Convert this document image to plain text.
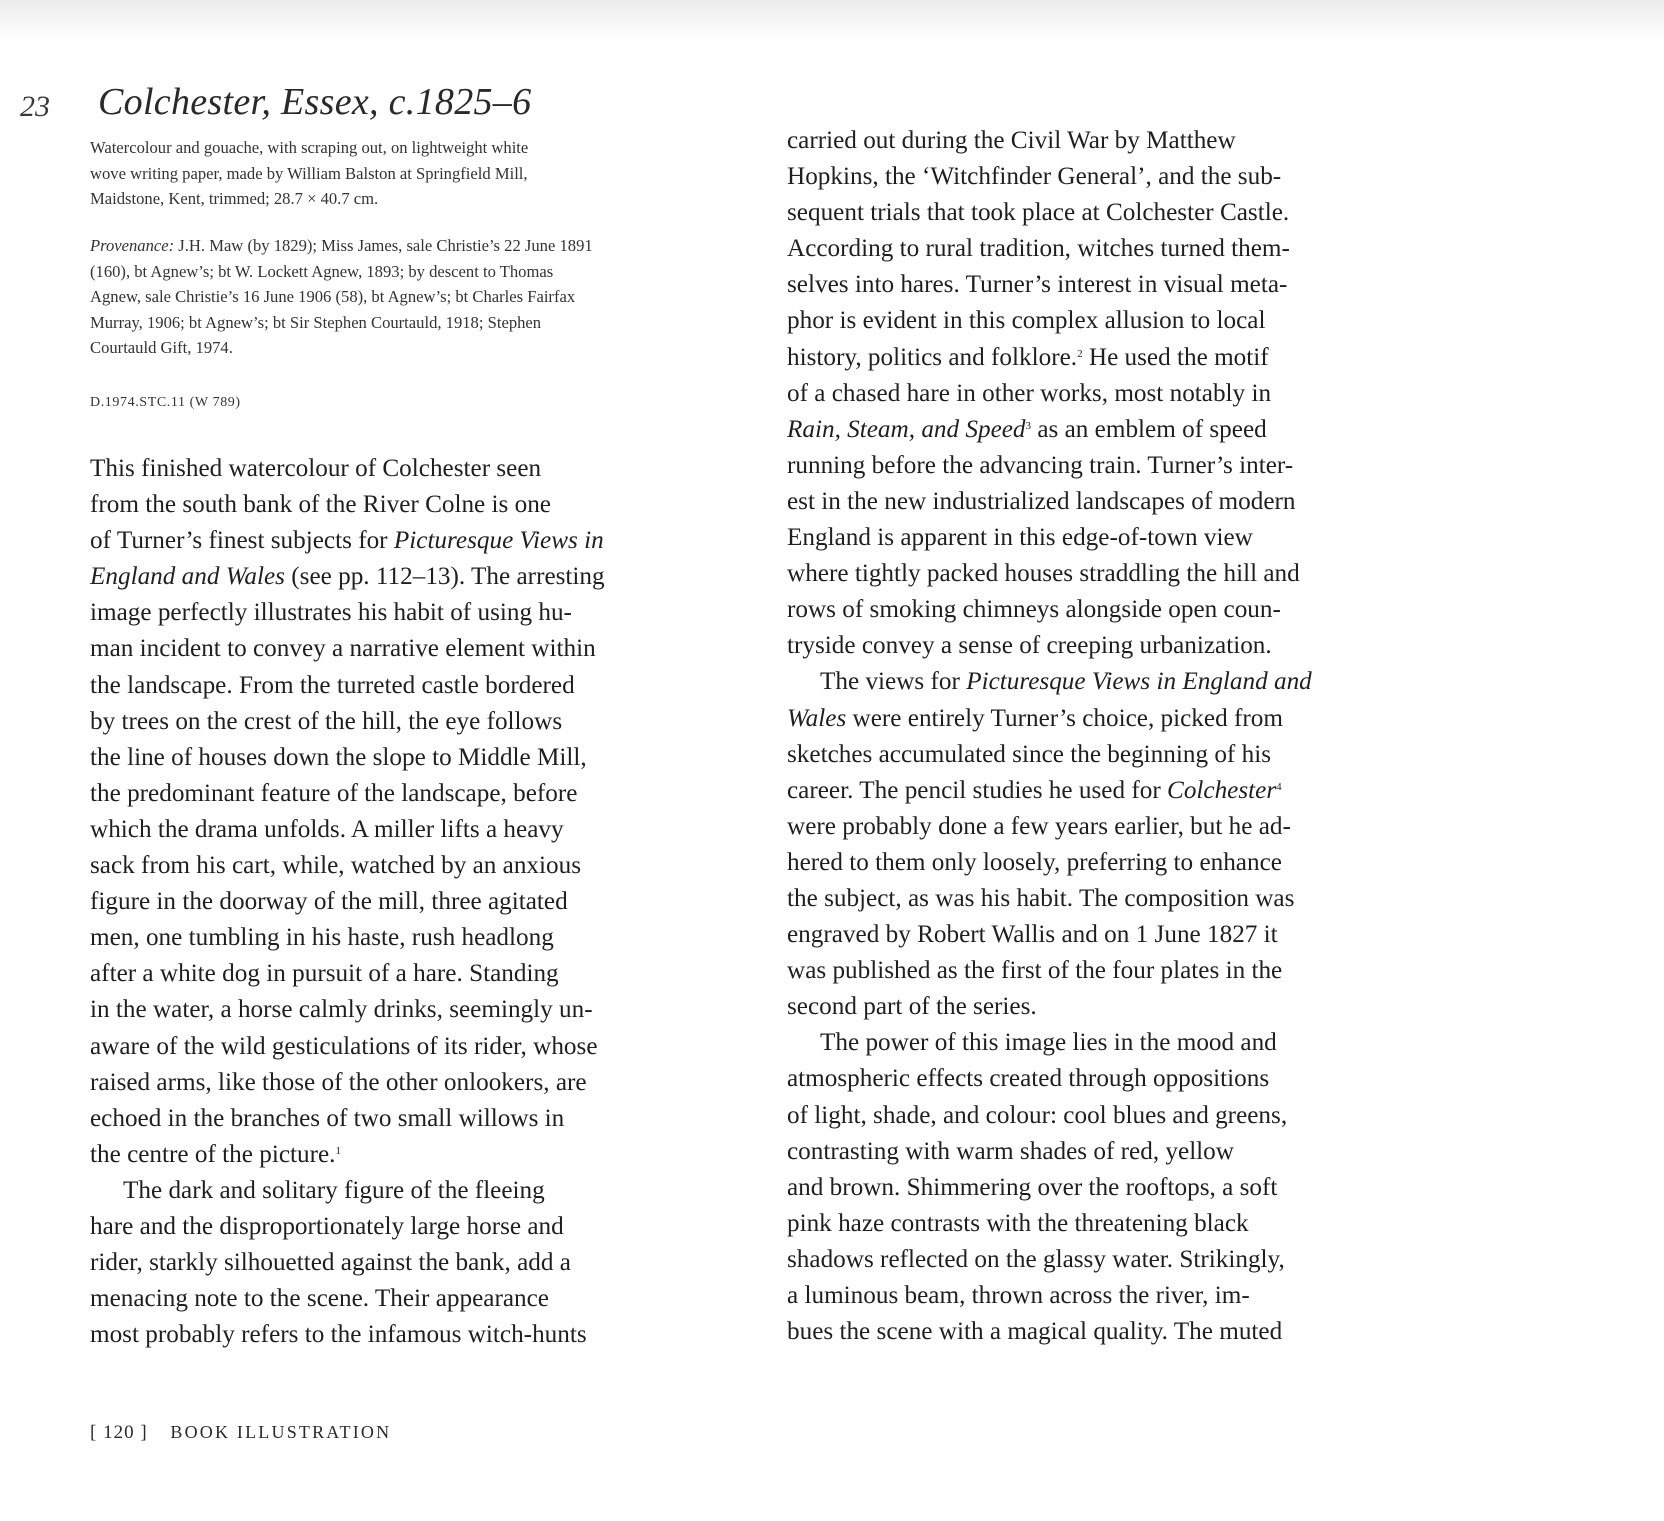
23 Colchester, Essex, c.1825–6

Watercolour and gouache, with scraping out, on lightweight white
wove writing paper, made by William Balston at Springfield Mill,
Maidstone, Kent, trimmed; 28.7 × 40.7 cm.

Provenance: J.H. Maw (by 1829); Miss James, sale Christie’s 22 June 1891
(160), bt Agnew’s; bt W. Lockett Agnew, 1893; by descent to Thomas
Agnew, sale Christie’s 16 June 1906 (58), bt Agnew’s; bt Charles Fairfax
Murray, 1906; bt Agnew’s; bt Sir Stephen Courtauld, 1918; Stephen
Courtauld Gift, 1974.

D.1974.STC.11 (W 789)
This finished watercolour of Colchester seen
from the south bank of the River Colne is one
of Turner’s finest subjects for Picturesque Views in
England and Wales (see pp. 112–13). The arresting
image perfectly illustrates his habit of using hu-
man incident to convey a narrative element within
the landscape. From the turreted castle bordered
by trees on the crest of the hill, the eye follows
the line of houses down the slope to Middle Mill,
the predominant feature of the landscape, before
which the drama unfolds. A miller lifts a heavy
sack from his cart, while, watched by an anxious
figure in the doorway of the mill, three agitated
men, one tumbling in his haste, rush headlong
after a white dog in pursuit of a hare. Standing
in the water, a horse calmly drinks, seemingly un-
aware of the wild gesticulations of its rider, whose
raised arms, like those of the other onlookers, are
echoed in the branches of two small willows in
the centre of the picture.$^1$
The dark and solitary figure of the fleeing
hare and the disproportionately large horse and
rider, starkly silhouetted against the bank, add a
menacing note to the scene. Their appearance
most probably refers to the infamous witch-hunts
carried out during the Civil War by Matthew
Hopkins, the ‘Witchfinder General’, and the sub-
sequent trials that took place at Colchester Castle.
According to rural tradition, witches turned them-
selves into hares. Turner’s interest in visual meta-
phor is evident in this complex allusion to local
history, politics and folklore.$^2$ He used the motif
of a chased hare in other works, most notably in
Rain, Steam, and Speed$^3$ as an emblem of speed
running before the advancing train. Turner’s inter-
est in the new industrialized landscapes of modern
England is apparent in this edge-of-town view
where tightly packed houses straddling the hill and
rows of smoking chimneys alongside open coun-
tryside convey a sense of creeping urbanization.
The views for Picturesque Views in England and
Wales were entirely Turner’s choice, picked from
sketches accumulated since the beginning of his
career. The pencil studies he used for Colchester$^4$
were probably done a few years earlier, but he ad-
hered to them only loosely, preferring to enhance
the subject, as was his habit. The composition was
engraved by Robert Wallis and on 1 June 1827 it
was published as the first of the four plates in the
second part of the series.
The power of this image lies in the mood and
atmospheric effects created through oppositions
of light, shade, and colour: cool blues and greens,
contrasting with warm shades of red, yellow
and brown. Shimmering over the rooftops, a soft
pink haze contrasts with the threatening black
shadows reflected on the glassy water. Strikingly,
a luminous beam, thrown across the river, im-
bues the scene with a magical quality. The muted
[ 120 ] BOOK ILLUSTRATION
